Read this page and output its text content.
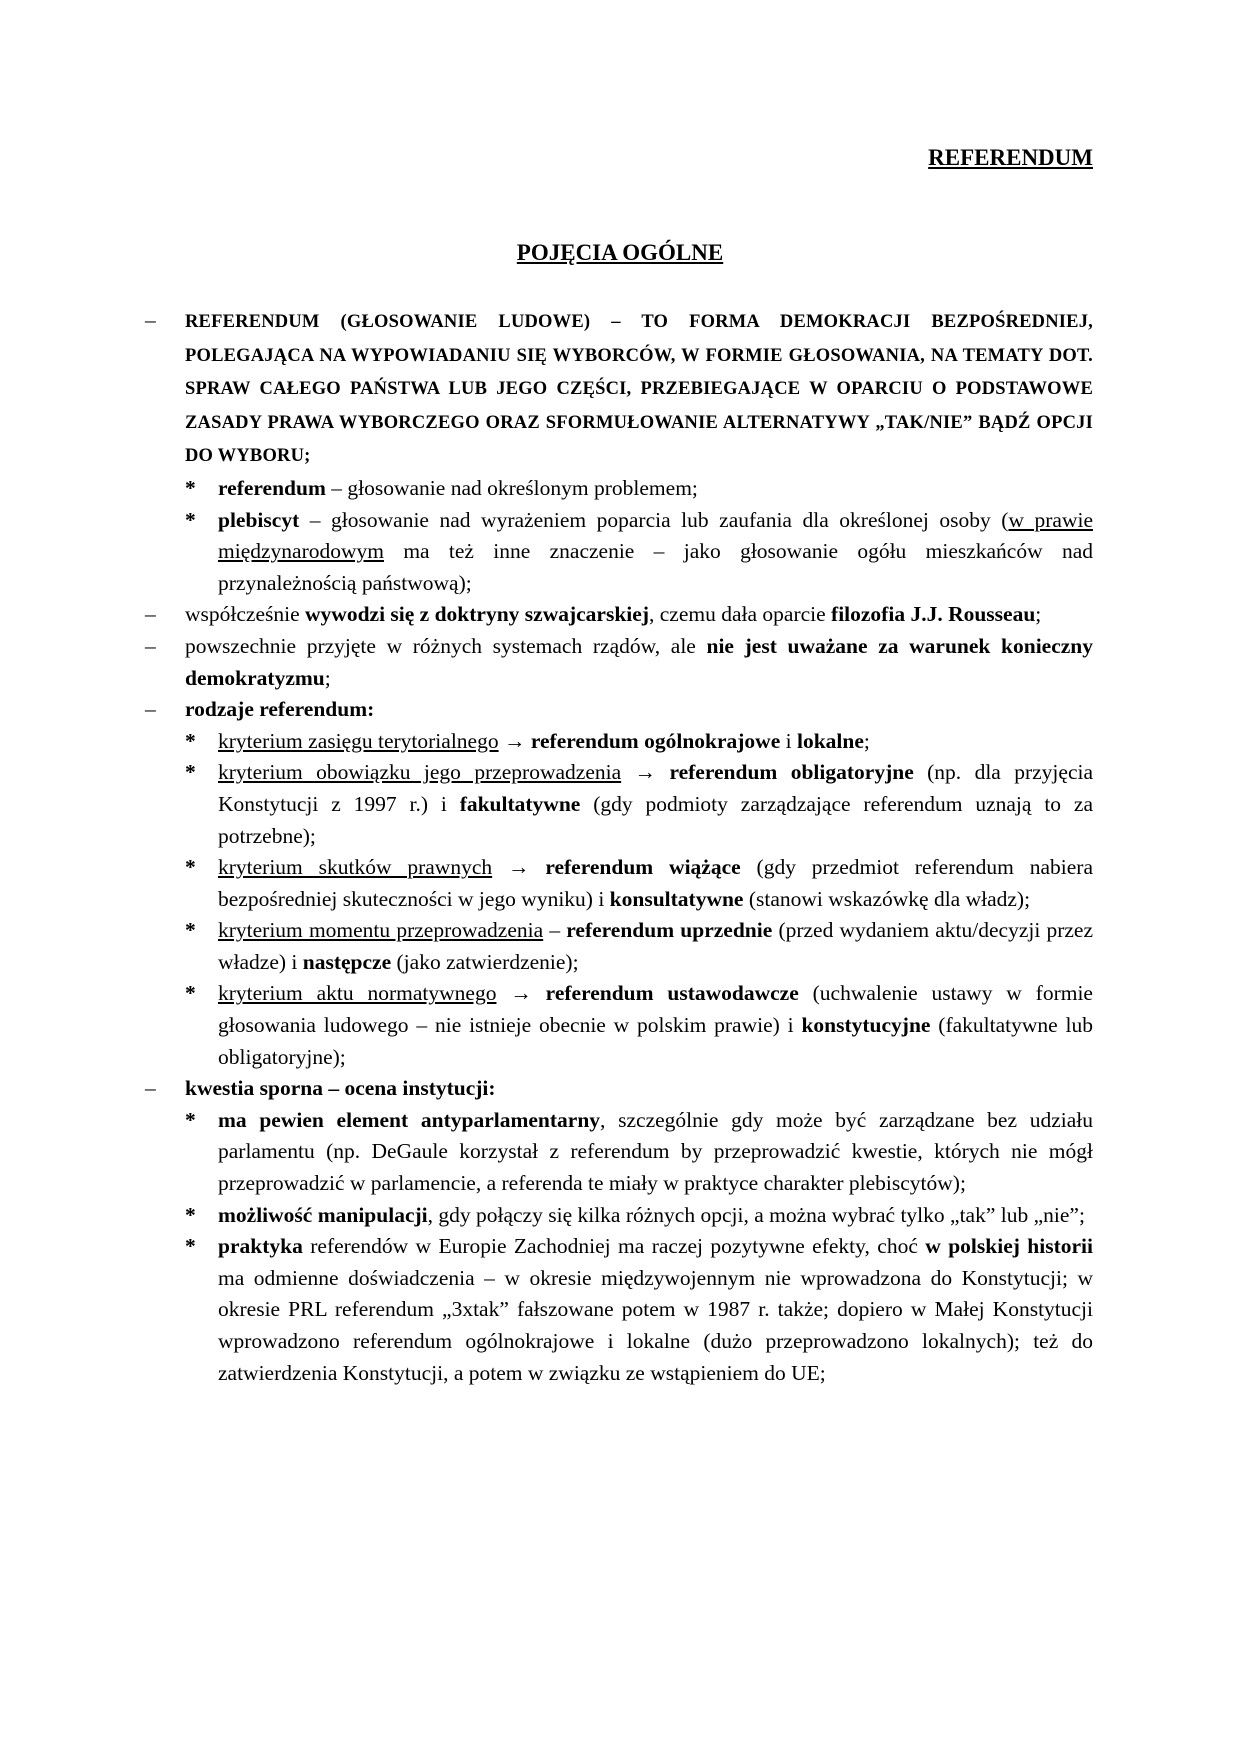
REFERENDUM
POJĘCIA OGÓLNE
– REFERENDUM (GŁOSOWANIE LUDOWE) – TO FORMA DEMOKRACJI BEZPOŚREDNIEJ, POLEGAJĄCA NA WYPOWIADANIU SIĘ WYBORCÓW, W FORMIE GŁOSOWANIA, NA TEMATY DOT. SPRAW CAŁEGO PAŃSTWA LUB JEGO CZĘŚCI, PRZEBIEGAJĄCE W OPARCIU O PODSTAWOWE ZASADY PRAWA WYBORCZEGO ORAZ SFORMUŁOWANIE ALTERNATYWY „TAK/NIE” BĄDŹ OPCJI DO WYBORU;
* referendum – głosowanie nad określonym problemem;
* plebiscyt – głosowanie nad wyrażeniem poparcia lub zaufania dla określonej osoby (w prawie międzynarodowym ma też inne znaczenie – jako głosowanie ogółu mieszkańców nad przynależnością państwową);
– współcześnie wywodzi się z doktryny szwajcarskiej, czemu dała oparcie filozofia J.J. Rousseau;
– powszechnie przyjęte w różnych systemach rządów, ale nie jest uważane za warunek konieczny demokratyzmu;
– rodzaje referendum:
* kryterium zasięgu terytorialnego → referendum ogólnokrajowe i lokalne;
* kryterium obowiązku jego przeprowadzenia → referendum obligatoryjne (np. dla przyjęcia Konstytucji z 1997 r.) i fakultatywne (gdy podmioty zarządzające referendum uznają to za potrzebne);
* kryterium skutków prawnych → referendum wiążące (gdy przedmiot referendum nabiera bezpośredniej skuteczności w jego wyniku) i konsultatywne (stanowi wskazówkę dla władz);
* kryterium momentu przeprowadzenia – referendum uprzednie (przed wydaniem aktu/decyzji przez władze) i następcze (jako zatwierdzenie);
* kryterium aktu normatywnego → referendum ustawodawcze (uchwalenie ustawy w formie głosowania ludowego – nie istnieje obecnie w polskim prawie) i konstytucyjne (fakultatywne lub obligatoryjne);
– kwestia sporna – ocena instytucji:
* ma pewien element antyparlamentarny, szczególnie gdy może być zarządzane bez udziału parlamentu (np. DeGaule korzystał z referendum by przeprowadzić kwestie, których nie mógł przeprowadzić w parlamencie, a referenda te miały w praktyce charakter plebiscytów);
* możliwość manipulacji, gdy połączy się kilka różnych opcji, a można wybrać tylko „tak” lub „nie”;
* praktyka referendów w Europie Zachodniej ma raczej pozytywne efekty, choć w polskiej historii ma odmienne doświadczenia – w okresie międzywojennym nie wprowadzona do Konstytucji; w okresie PRL referendum „3xtak” fałszowane potem w 1987 r. także; dopiero w Małej Konstytucji wprowadzono referendum ogólnokrajowe i lokalne (dużo przeprowadzono lokalnych); też do zatwierdzenia Konstytucji, a potem w związku ze wstąpieniem do UE;
